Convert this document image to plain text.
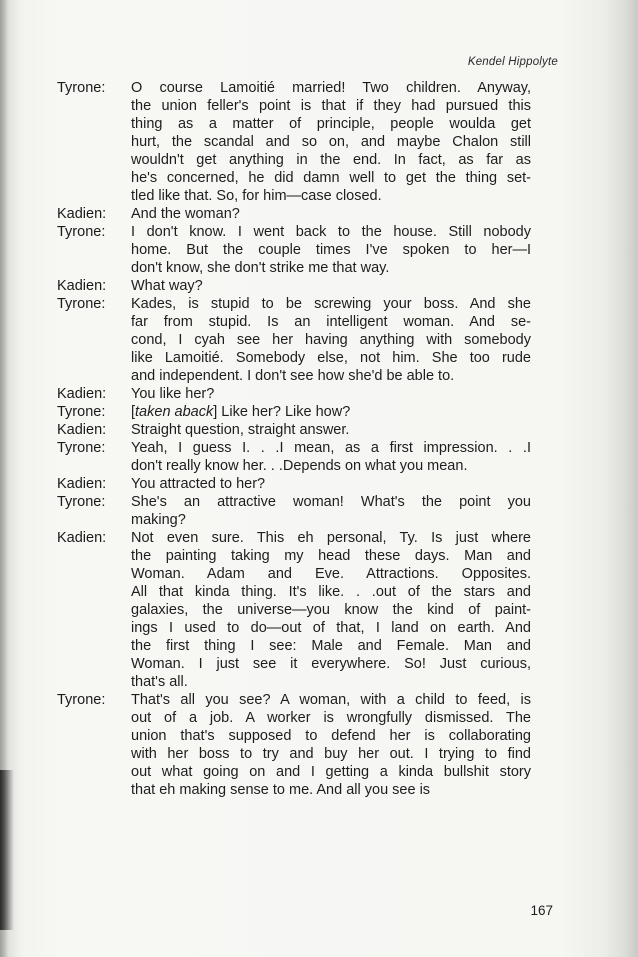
Kendel Hippolyte
Tyrone:	O course Lamoitié married! Two children. Anyway,
the union feller's point is that if they had pursued this
thing as a matter of principle, people woulda get
hurt, the scandal and so on, and maybe Chalon still
wouldn't get anything in the end. In fact, as far as
he's concerned, he did damn well to get the thing set-
tled like that. So, for him—case closed.
Kadien:	And the woman?
Tyrone:	I don't know. I went back to the house. Still nobody
home. But the couple times I've spoken to her—I
don't know, she don't strike me that way.
Kadien:	What way?
Tyrone:	Kades, is stupid to be screwing your boss. And she
far from stupid. Is an intelligent woman. And se-
cond, I cyah see her having anything with somebody
like Lamoitié. Somebody else, not him. She too rude
and independent. I don't see how she'd be able to.
Kadien:	You like her?
Tyrone:	[taken aback] Like her? Like how?
Kadien:	Straight question, straight answer.
Tyrone:	Yeah, I guess I. . .I mean, as a first impression. . .I
don't really know her. . .Depends on what you mean.
Kadien:	You attracted to her?
Tyrone:	She's an attractive woman! What's the point you
making?
Kadien:	Not even sure. This eh personal, Ty. Is just where
the painting taking my head these days. Man and
Woman. Adam and Eve. Attractions. Opposites.
All that kinda thing. It's like. . .out of the stars and
galaxies, the universe—you know the kind of paint-
ings I used to do—out of that, I land on earth. And
the first thing I see: Male and Female. Man and
Woman. I just see it everywhere. So! Just curious,
that's all.
Tyrone:	That's all you see? A woman, with a child to feed, is
out of a job. A worker is wrongfully dismissed. The
union that's supposed to defend her is collaborating
with her boss to try and buy her out. I trying to find
out what going on and I getting a kinda bullshit story
that eh making sense to me. And all you see is
167
